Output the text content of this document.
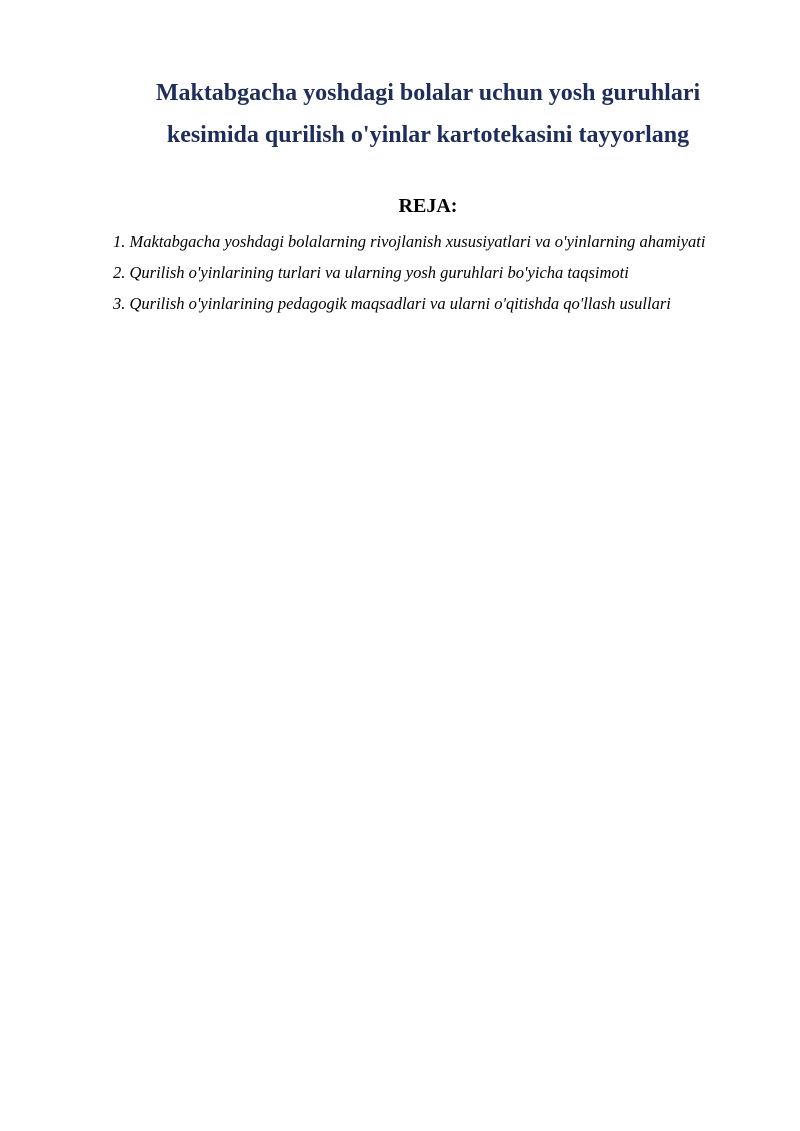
Maktabgacha yoshdagi bolalar uchun yosh guruhlari
kesimida qurilish o'yinlar kartotekasini tayyorlang
REJA:
1. Maktabgacha yoshdagi bolalarning rivojlanish xususiyatlari va o'yinlarning ahamiyati
2. Qurilish o'yinlarining turlari va ularning yosh guruhlari bo'yicha taqsimoti
3. Qurilish o'yinlarining pedagogik maqsadlari va ularni o'qitishda qo'llash usullari
